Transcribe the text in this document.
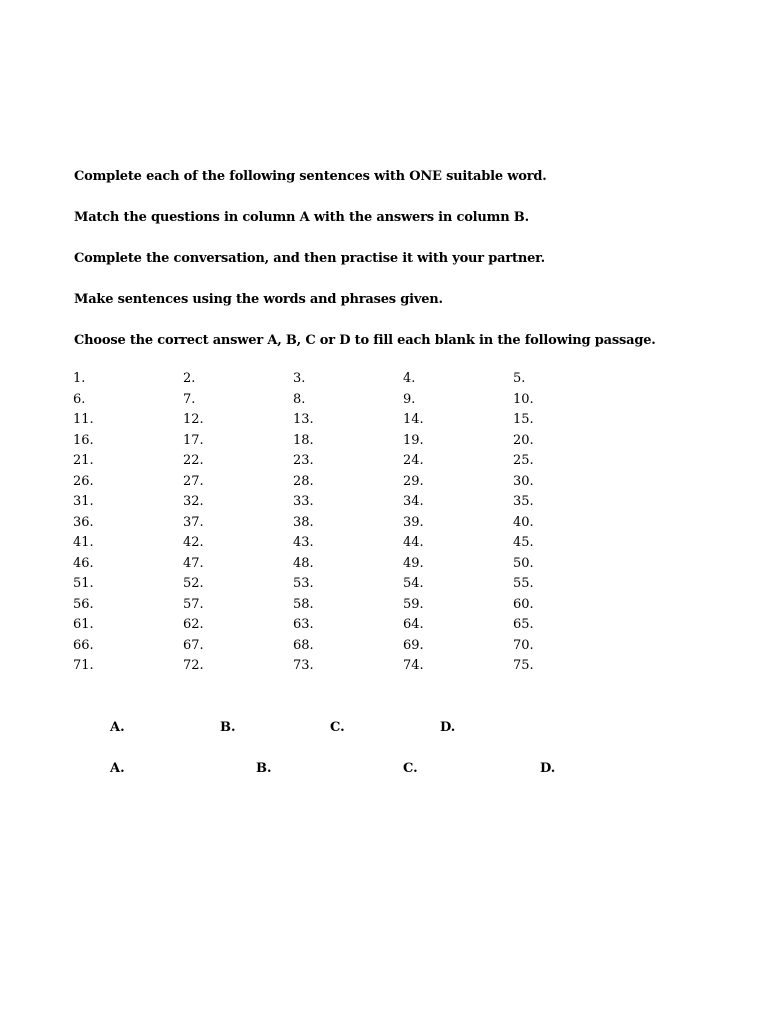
Complete each of the following sentences with ONE suitable word.
Match the questions in column A with the answers in column B.
Complete the conversation, and then practise it with your partner.
Make sentences using the words and phrases given.
Choose the correct answer A, B, C or D to fill each blank in the following passage.
1.	2.	3.	4.	5.
6.	7.	8.	9.	10.
11.	12.	13.	14.	15.
16.	17.	18.	19.	20.
21.	22.	23.	24.	25.
26.	27.	28.	29.	30.
31.	32.	33.	34.	35.
36.	37.	38.	39.	40.
41.	42.	43.	44.	45.
46.	47.	48.	49.	50.
51.	52.	53.	54.	55.
56.	57.	58.	59.	60.
61.	62.	63.	64.	65.
66.	67.	68.	69.	70.
71.	72.	73.	74.	75.
A.	B.	C.	D.
A.	B.	C.	D.
